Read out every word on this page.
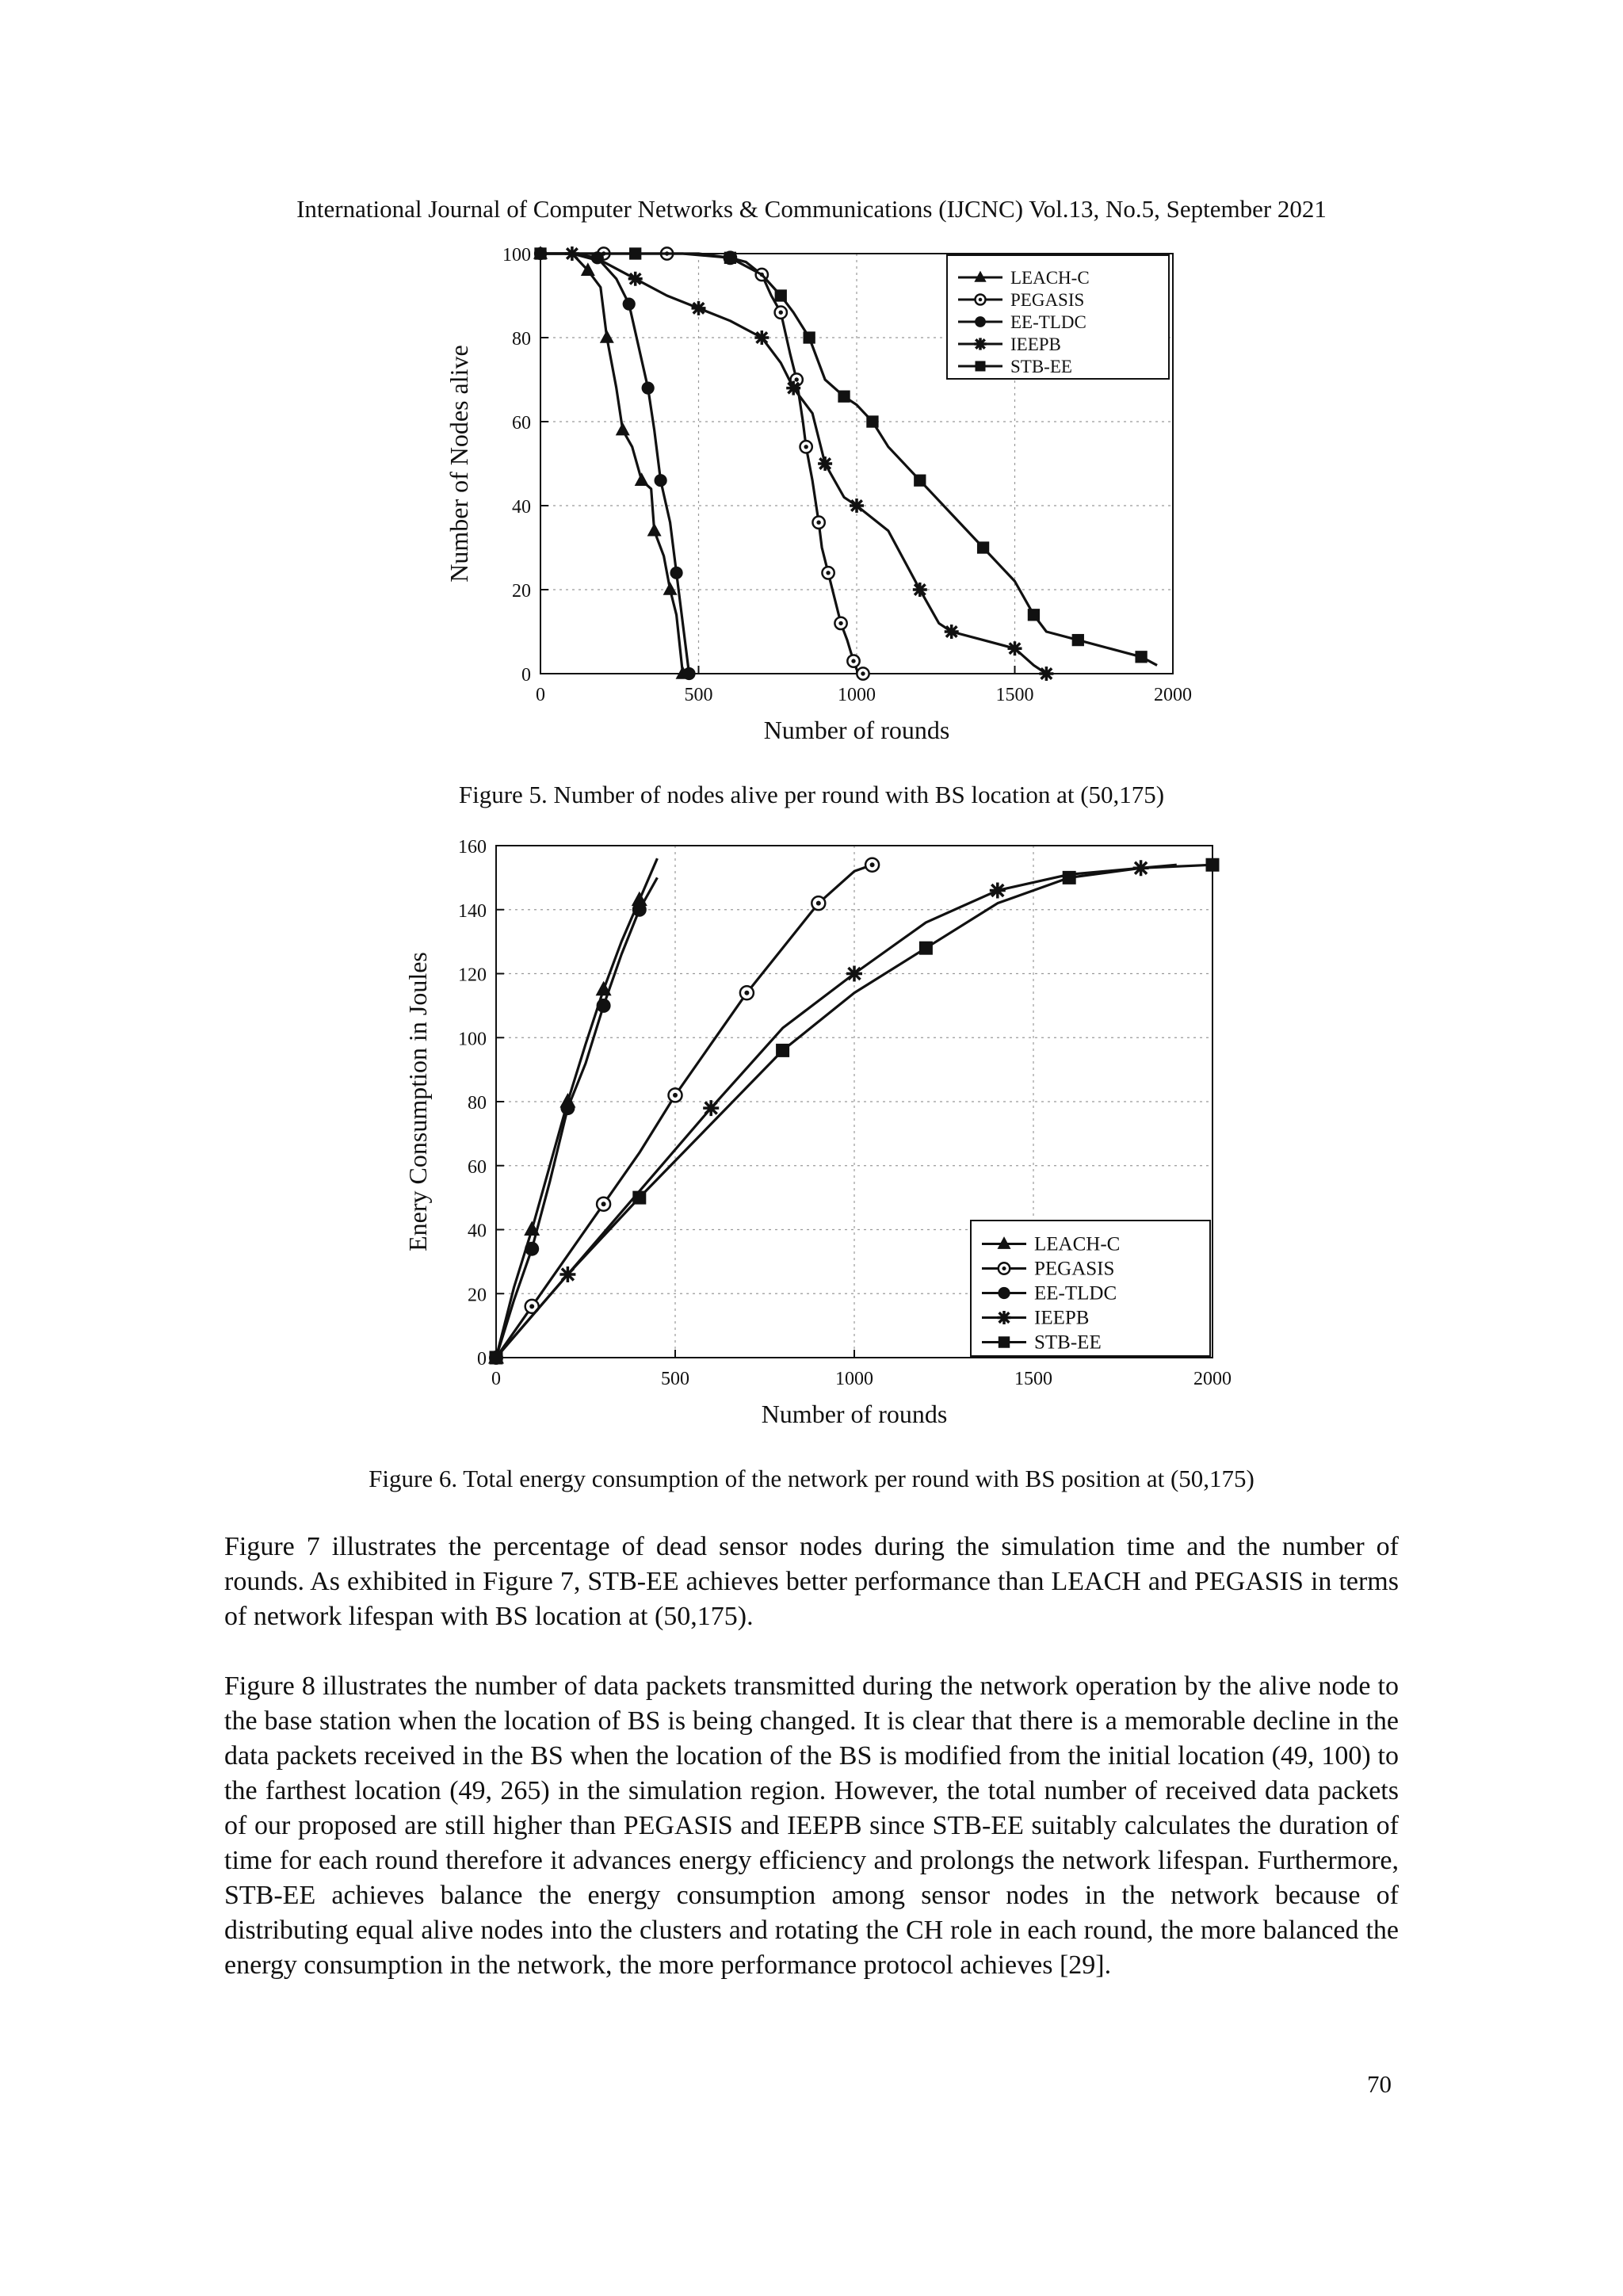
International Journal of Computer Networks & Communications (IJCNC) Vol.13, No.5, September 2021
0	500	1000	1500	2000
0
20
40
60
80
100
Number of rounds
Number of Nodes alive
LEACH-C
PEGASIS
EE-TLDC
IEEPB
STB-EE
Figure 5. Number of nodes alive per round with BS location at (50,175)
0	500	1000	1500	2000
0
20
40
60
80
100
120
140
160
Number of rounds
Enery Consumption in Joules	LEACH-C
PEGASIS
EE-TLDC
IEEPB
STB-EE
Figure 6. Total energy consumption of the network per round with BS position at (50,175)

Figure 7 illustrates the percentage of dead sensor nodes during the simulation time and the number of rounds. As exhibited in Figure 7, STB-EE achieves better performance than LEACH and PEGASIS in terms of network lifespan with BS location at (50,175).

Figure 8 illustrates the number of data packets transmitted during the network operation by the alive node to the base station when the location of BS is being changed. It is clear that there is a memorable decline in the data packets received in the BS when the location of the BS is modified from the initial location (49, 100) to the farthest location (49, 265) in the simulation region. However, the total number of received data packets of our proposed are still higher than PEGASIS and IEEPB since STB-EE suitably calculates the duration of time for each round therefore it advances energy efficiency and prolongs the network lifespan. Furthermore, STB-EE achieves balance the energy consumption among sensor nodes in the network because of distributing equal alive nodes into the clusters and rotating the CH role in each round, the more balanced the energy consumption in the network, the more performance protocol achieves [29].

70
